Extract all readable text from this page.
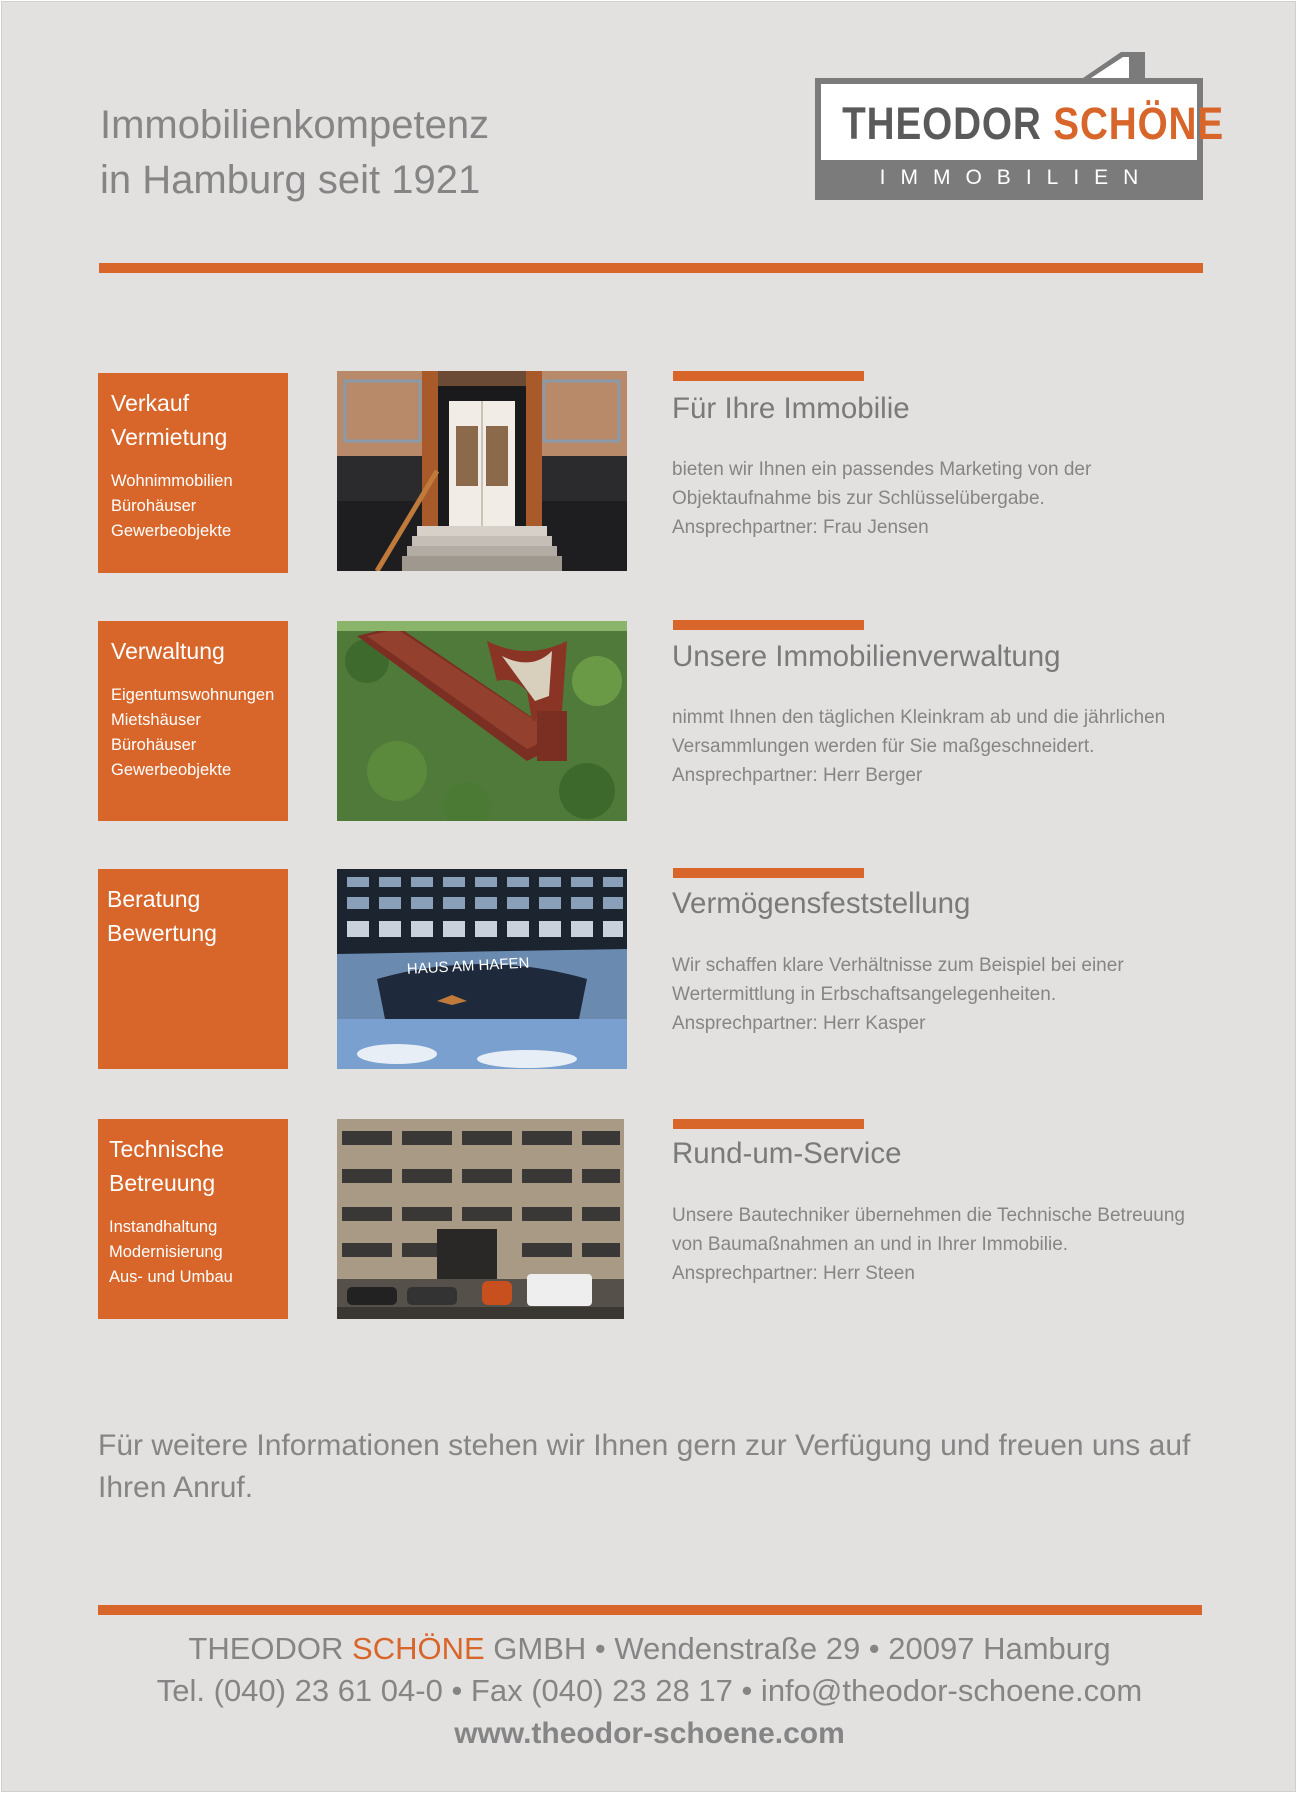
Immobilienkompetenz
in Hamburg seit 1921
THEODOR SCHÖNE
IMMOBILIEN
Verkauf
Vermietung
Wohnimmobilien
Bürohäuser
Gewerbeobjekte
Für Ihre Immobilie
bieten wir Ihnen ein passendes Marketing von der
Objektaufnahme bis zur Schlüsselübergabe.
Ansprechpartner: Frau Jensen
Verwaltung
Eigentumswohnungen
Mietshäuser
Bürohäuser
Gewerbeobjekte
Unsere Immobilienverwaltung
nimmt Ihnen den täglichen Kleinkram ab und die jährlichen
Versammlungen werden für Sie maßgeschneidert.
Ansprechpartner: Herr Berger
Beratung
Bewertung
HAUS AM HAFEN
Vermögensfeststellung
Wir schaffen klare Verhältnisse zum Beispiel bei einer
Wertermittlung in Erbschaftsangelegenheiten.
Ansprechpartner: Herr Kasper
Technische
Betreuung
Instandhaltung
Modernisierung
Aus- und Umbau
Rund-um-Service
Unsere Bautechniker übernehmen die Technische Betreuung
von Baumaßnahmen an und in Ihrer Immobilie.
Ansprechpartner: Herr Steen
Für weitere Informationen stehen wir Ihnen gern zur Verfügung und freuen uns auf Ihren Anruf.
THEODOR SCHÖNE GMBH • Wendenstraße 29 • 20097 Hamburg
Tel. (040) 23 61 04-0 • Fax (040) 23 28 17 • info@theodor-schoene.com
www.theodor-schoene.com
